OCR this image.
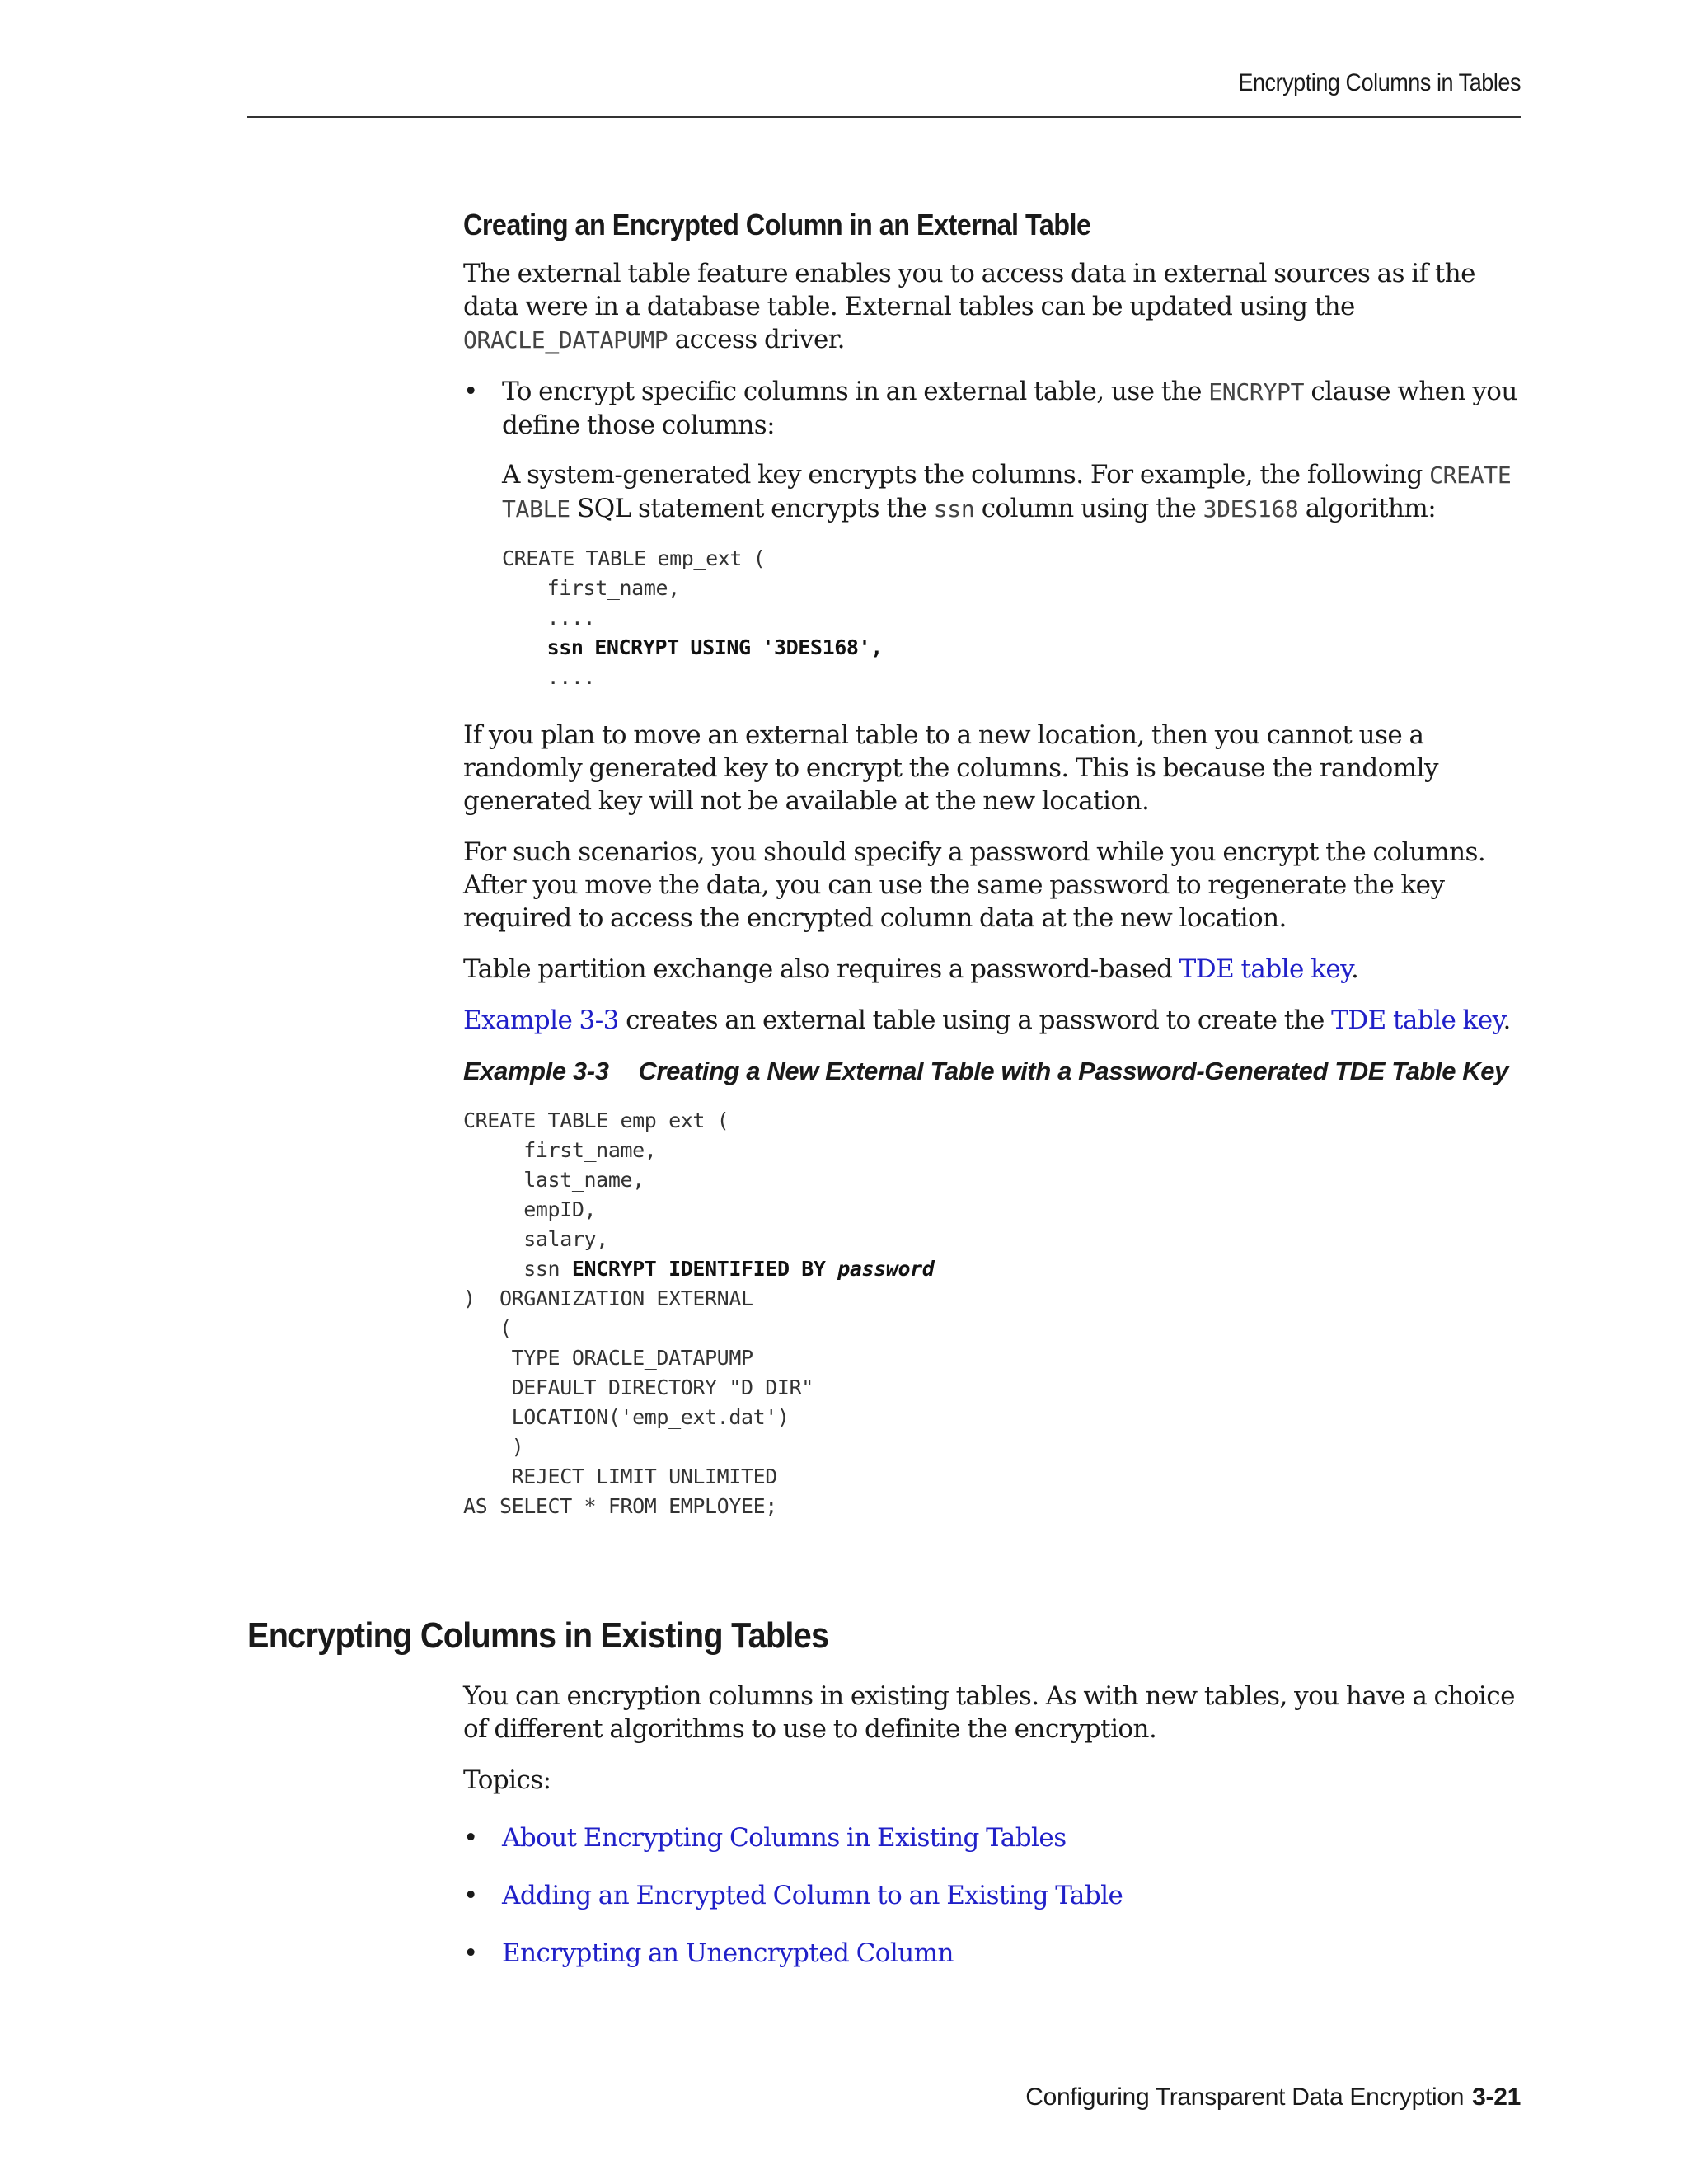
Encrypting Columns in Tables
Creating an Encrypted Column in an External Table

The external table feature enables you to access data in external sources as if the data were in a database table. External tables can be updated using the ORACLE_DATAPUMP access driver.

• To encrypt specific columns in an external table, use the ENCRYPT clause when you define those columns:

A system-generated key encrypts the columns. For example, the following CREATE TABLE SQL statement encrypts the ssn column using the 3DES168 algorithm:

CREATE TABLE emp_ext (
first_name,
....
ssn ENCRYPT USING '3DES168',
....

If you plan to move an external table to a new location, then you cannot use a randomly generated key to encrypt the columns. This is because the randomly generated key will not be available at the new location.

For such scenarios, you should specify a password while you encrypt the columns. After you move the data, you can use the same password to regenerate the key required to access the encrypted column data at the new location.

Table partition exchange also requires a password-based TDE table key.

Example 3-3 creates an external table using a password to create the TDE table key.

Example 3-3 Creating a New External Table with a Password-Generated TDE Table Key
CREATE TABLE emp_ext (
first_name,
last_name,
empID,
salary,
ssn ENCRYPT IDENTIFIED BY password
)  ORGANIZATION EXTERNAL
(
TYPE ORACLE_DATAPUMP
DEFAULT DIRECTORY "D_DIR"
LOCATION('emp_ext.dat')
)
REJECT LIMIT UNLIMITED
AS SELECT * FROM EMPLOYEE;
Encrypting Columns in Existing Tables

You can encryption columns in existing tables. As with new tables, you have a choice of different algorithms to use to definite the encryption.

Topics:

• About Encrypting Columns in Existing Tables
• Adding an Encrypted Column to an Existing Table
• Encrypting an Unencrypted Column
Configuring Transparent Data Encryption 3-21
